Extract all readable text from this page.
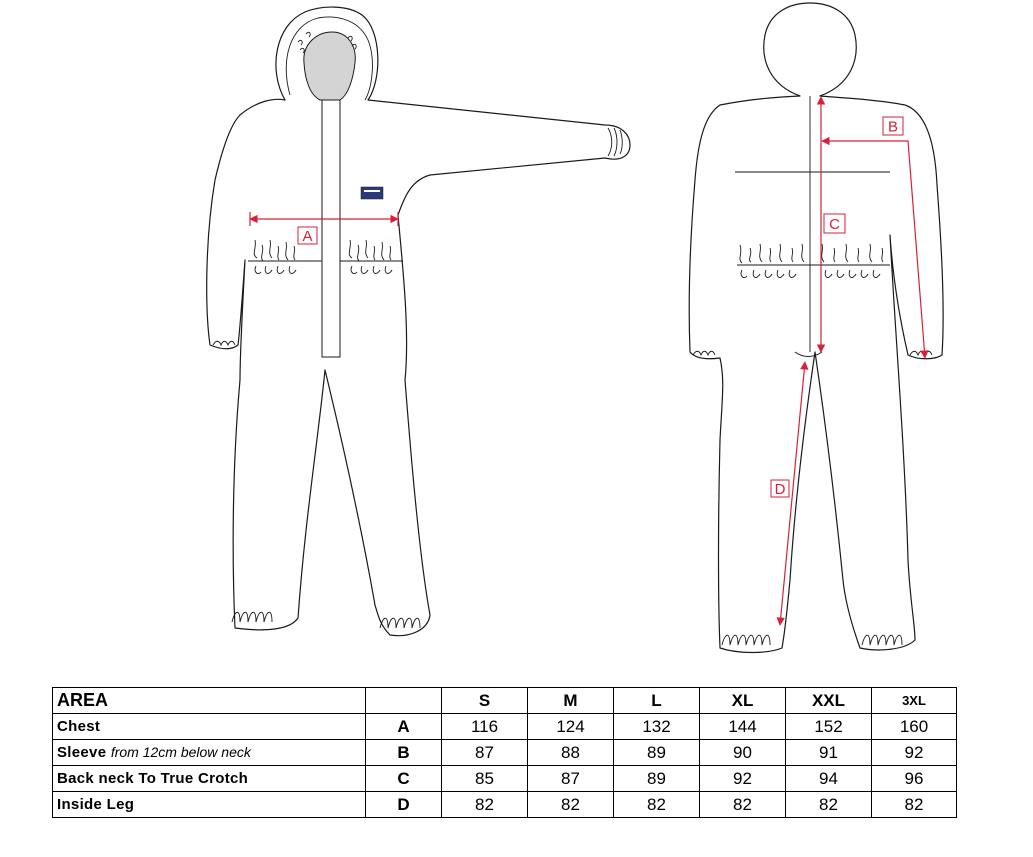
A
B
C
D
AREA		S	M	L	XL	XXL	3XL
Chest	A	116	124	132	144	152	160
Sleeve from 12cm below neck	B	87	88	89	90	91	92
Back neck To True Crotch	C	85	87	89	92	94	96
Inside Leg	D	82	82	82	82	82	82
